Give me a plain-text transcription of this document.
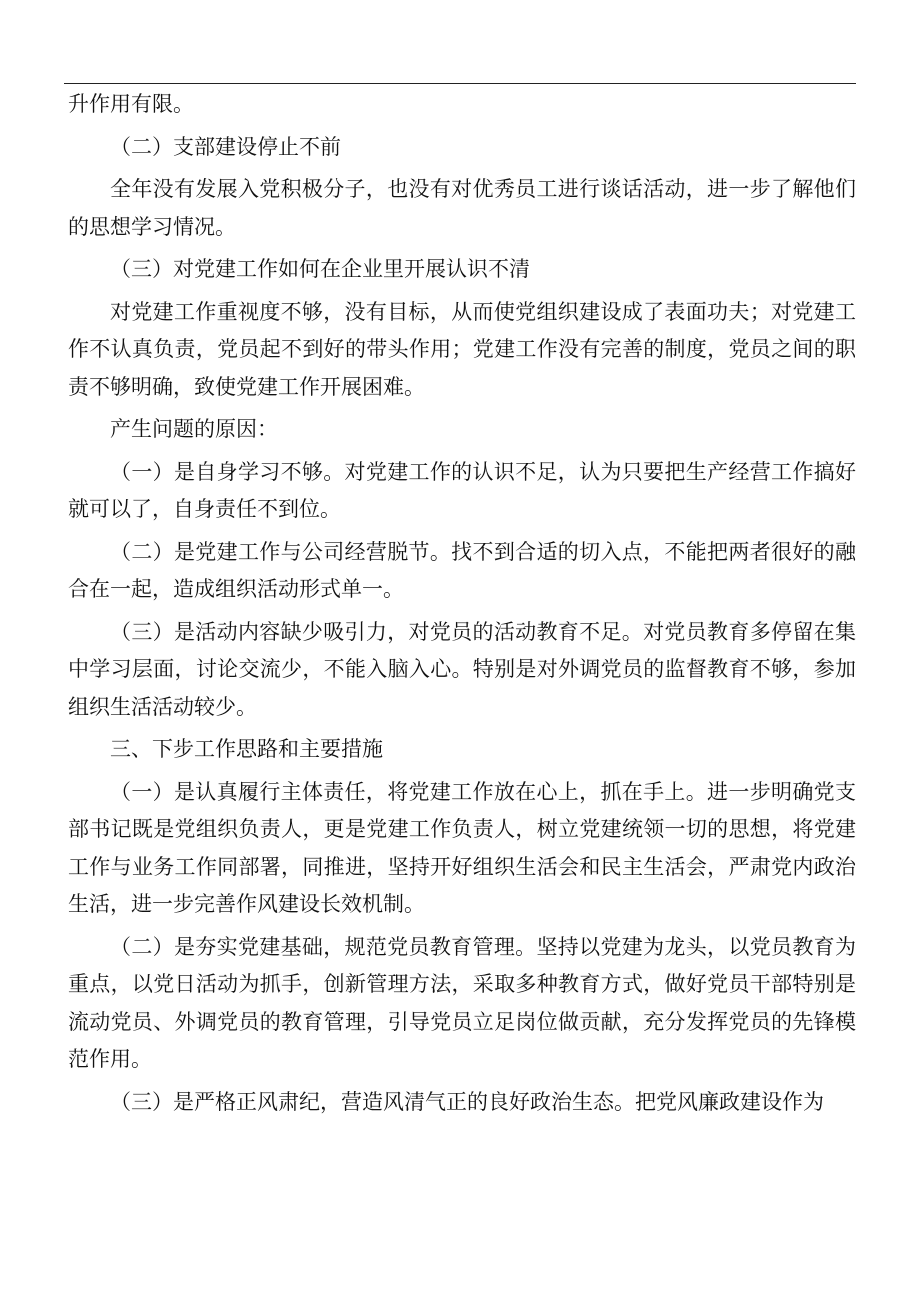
升作用有限。

（二）支部建设停止不前

全年没有发展入党积极分子，也没有对优秀员工进行谈话活动，进一步了解他们的思想学习情况。

（三）对党建工作如何在企业里开展认识不清

对党建工作重视度不够，没有目标，从而使党组织建设成了表面功夫；对党建工作不认真负责，党员起不到好的带头作用；党建工作没有完善的制度，党员之间的职责不够明确，致使党建工作开展困难。

产生问题的原因：

（一）是自身学习不够。对党建工作的认识不足，认为只要把生产经营工作搞好就可以了，自身责任不到位。

（二）是党建工作与公司经营脱节。找不到合适的切入点，不能把两者很好的融合在一起，造成组织活动形式单一。

（三）是活动内容缺少吸引力，对党员的活动教育不足。对党员教育多停留在集中学习层面，讨论交流少，不能入脑入心。特别是对外调党员的监督教育不够，参加组织生活活动较少。

三、下步工作思路和主要措施

（一）是认真履行主体责任，将党建工作放在心上，抓在手上。进一步明确党支部书记既是党组织负责人，更是党建工作负责人，树立党建统领一切的思想，将党建工作与业务工作同部署，同推进，坚持开好组织生活会和民主生活会，严肃党内政治生活，进一步完善作风建设长效机制。

（二）是夯实党建基础，规范党员教育管理。坚持以党建为龙头，以党员教育为重点，以党日活动为抓手，创新管理方法，采取多种教育方式，做好党员干部特别是流动党员、外调党员的教育管理，引导党员立足岗位做贡献，充分发挥党员的先锋模范作用。

（三）是严格正风肃纪，营造风清气正的良好政治生态。把党风廉政建设作为
